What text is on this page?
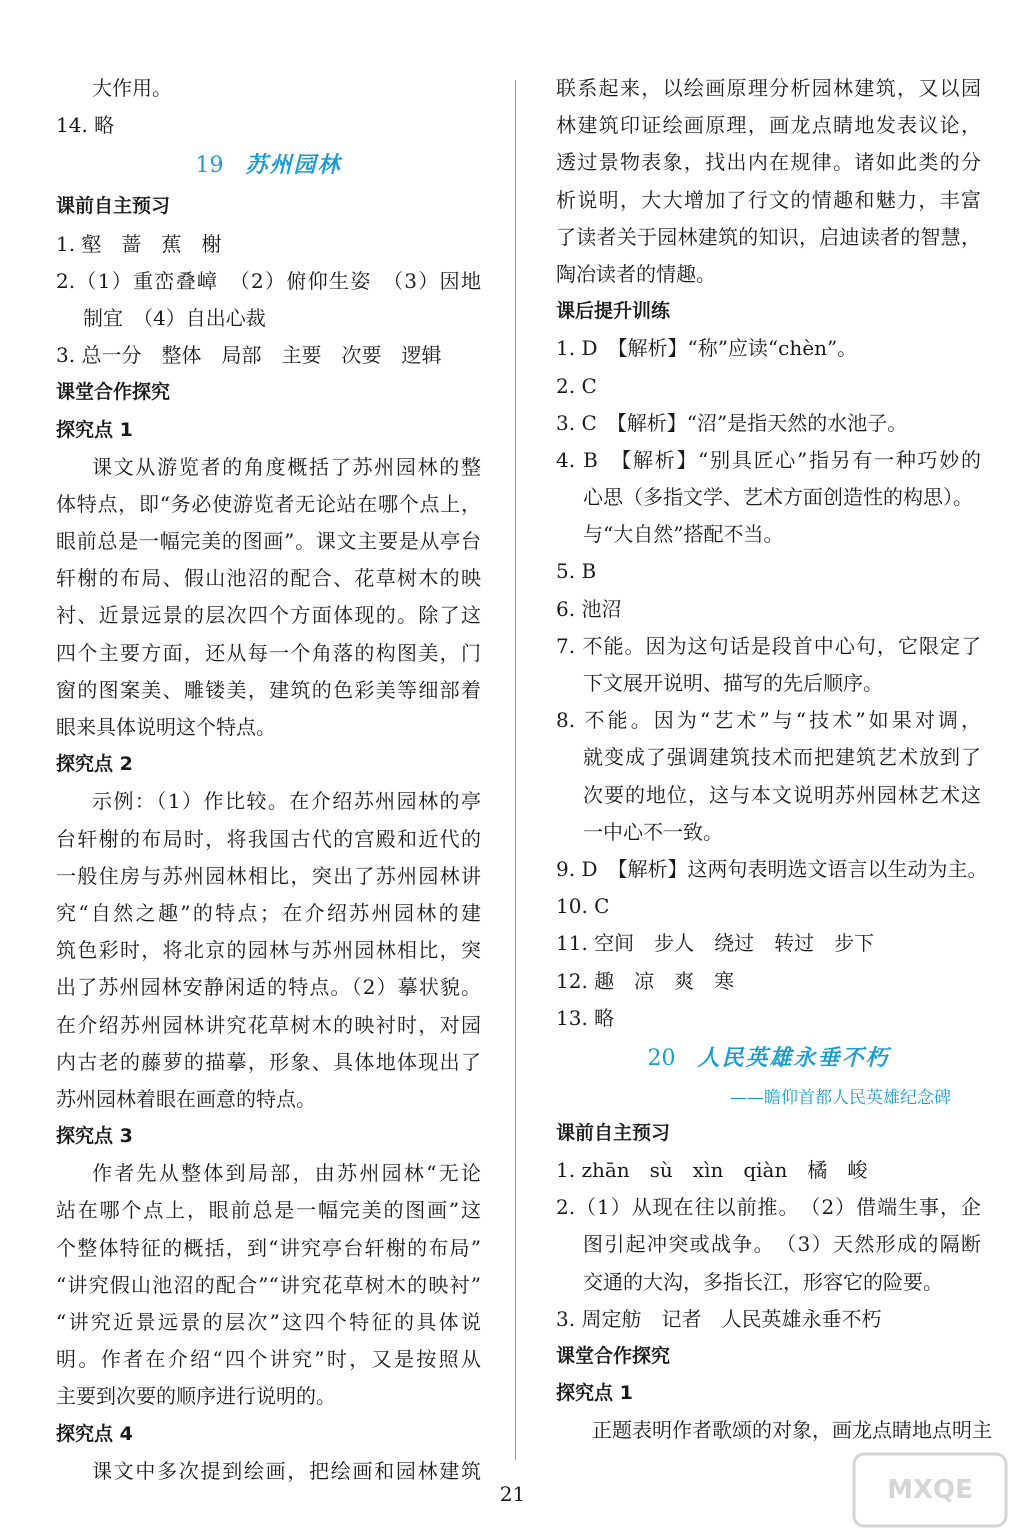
大作用。
14. 略
19 苏州园林
课前自主预习
1. 壑　蔷　蕉　榭
2.（1）重峦叠嶂　（2）俯仰生姿　（3）因地
制宜　（4）自出心裁
3. 总一分　整体　局部　主要　次要　逻辑
课堂合作探究
探究点 1
课文从游览者的角度概括了苏州园林的整
体特点，即“务必使游览者无论站在哪个点上，
眼前总是一幅完美的图画”。课文主要是从亭台
轩榭的布局、假山池沼的配合、花草树木的映
衬、近景远景的层次四个方面体现的。除了这
四个主要方面，还从每一个角落的构图美，门
窗的图案美、雕镂美，建筑的色彩美等细部着
眼来具体说明这个特点。
探究点 2
示例：（1）作比较。在介绍苏州园林的亭
台轩榭的布局时，将我国古代的宫殿和近代的
一般住房与苏州园林相比，突出了苏州园林讲
究“自然之趣”的特点；在介绍苏州园林的建
筑色彩时，将北京的园林与苏州园林相比，突
出了苏州园林安静闲适的特点。（2）摹状貌。
在介绍苏州园林讲究花草树木的映衬时，对园
内古老的藤萝的描摹，形象、具体地体现出了
苏州园林着眼在画意的特点。
探究点 3
作者先从整体到局部，由苏州园林“无论
站在哪个点上，眼前总是一幅完美的图画”这
个整体特征的概括，到“讲究亭台轩榭的布局”
“讲究假山池沼的配合”“讲究花草树木的映衬”
“讲究近景远景的层次”这四个特征的具体说
明。作者在介绍“四个讲究”时，又是按照从
主要到次要的顺序进行说明的。
探究点 4
课文中多次提到绘画，把绘画和园林建筑
联系起来，以绘画原理分析园林建筑，又以园
林建筑印证绘画原理，画龙点睛地发表议论，
透过景物表象，找出内在规律。诸如此类的分
析说明，大大增加了行文的情趣和魅力，丰富
了读者关于园林建筑的知识，启迪读者的智慧，
陶冶读者的情趣。
课后提升训练
1. D　【解析】“称”应读“chèn”。
2. C
3. C　【解析】“沼”是指天然的水池子。
4. B　【解析】“别具匠心”指另有一种巧妙的
心思（多指文学、艺术方面创造性的构思）。
与“大自然”搭配不当。
5. B
6. 池沼
7. 不能。因为这句话是段首中心句，它限定了
下文展开说明、描写的先后顺序。
8. 不能。因为“艺术”与“技术”如果对调，
就变成了强调建筑技术而把建筑艺术放到了
次要的地位，这与本文说明苏州园林艺术这
一中心不一致。
9. D　【解析】这两句表明选文语言以生动为主。
10. C
11. 空间　步人　绕过　转过　步下
12. 趣　凉　爽　寒
13. 略
20 人民英雄永垂不朽
——瞻仰首都人民英雄纪念碑
课前自主预习
1. zhān　sù　xìn　qiàn　橘　峻
2.（1）从现在往以前推。　（2）借端生事，企
图引起冲突或战争。　（3）天然形成的隔断
交通的大沟，多指长江，形容它的险要。
3. 周定舫　记者　人民英雄永垂不朽
课堂合作探究
探究点 1
正题表明作者歌颂的对象，画龙点睛地点明主
21	MXQE
